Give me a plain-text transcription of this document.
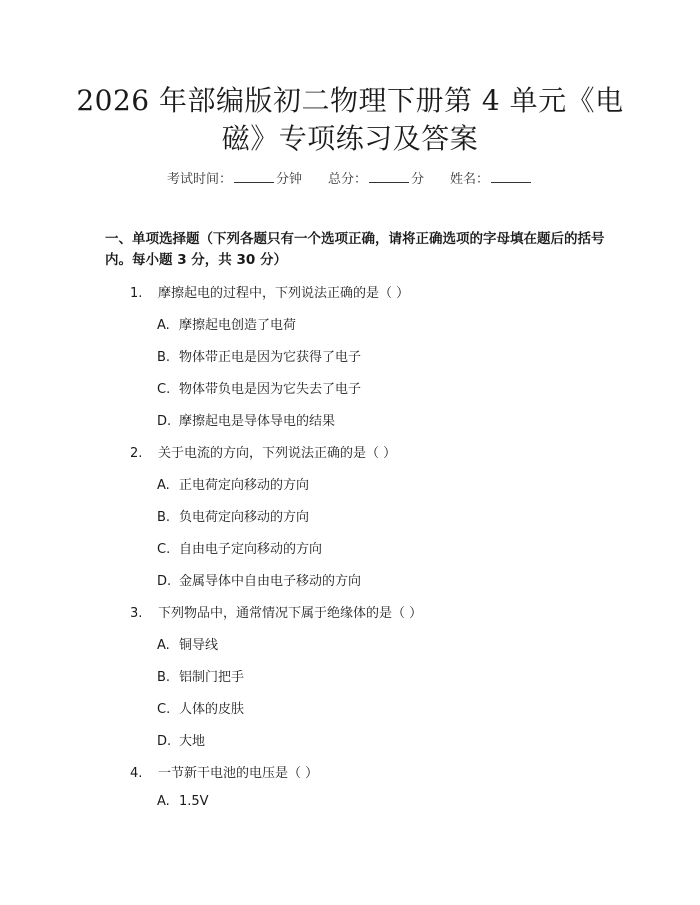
2026 年部编版初二物理下册第 4 单元《电
磁》专项练习及答案
考试时间：	分钟 总分：	分 姓名：

一、单项选择题（下列各题只有一个选项正确，请将正确选项的字母填在题后的括号内。每小题 3 分，共 30 分）

1. 摩擦起电的过程中，下列说法正确的是（ ）
A. 摩擦起电创造了电荷
B. 物体带正电是因为它获得了电子
C. 物体带负电是因为它失去了电子
D. 摩擦起电是导体导电的结果
2. 关于电流的方向，下列说法正确的是（ ）
A. 正电荷定向移动的方向
B. 负电荷定向移动的方向
C. 自由电子定向移动的方向
D. 金属导体中自由电子移动的方向
3. 下列物品中，通常情况下属于绝缘体的是（ ）
A. 铜导线
B. 铝制门把手
C. 人体的皮肤
D. 大地
4. 一节新干电池的电压是（ ）
A. 1.5V
